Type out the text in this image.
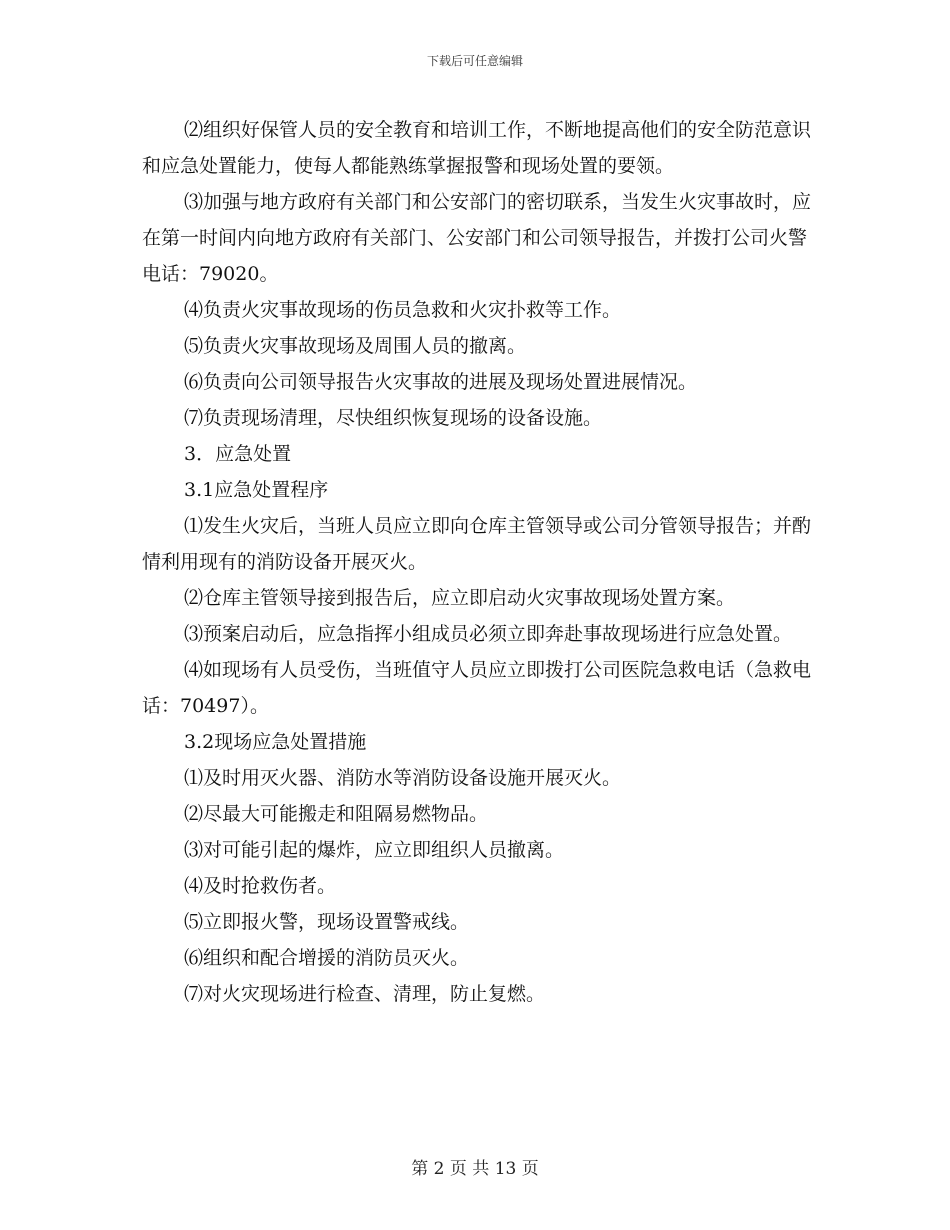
下载后可任意编辑

⑵组织好保管人员的安全教育和培训工作，不断地提高他们的安全防范意识和应急处置能力，使每人都能熟练掌握报警和现场处置的要领。

⑶加强与地方政府有关部门和公安部门的密切联系，当发生火灾事故时，应在第一时间内向地方政府有关部门、公安部门和公司领导报告，并拨打公司火警电话：79020。

⑷负责火灾事故现场的伤员急救和火灾扑救等工作。

⑸负责火灾事故现场及周围人员的撤离。

⑹负责向公司领导报告火灾事故的进展及现场处置进展情况。

⑺负责现场清理，尽快组织恢复现场的设备设施。

3．应急处置

3.1应急处置程序

⑴发生火灾后，当班人员应立即向仓库主管领导或公司分管领导报告；并酌情利用现有的消防设备开展灭火。

⑵仓库主管领导接到报告后，应立即启动火灾事故现场处置方案。

⑶预案启动后，应急指挥小组成员必须立即奔赴事故现场进行应急处置。

⑷如现场有人员受伤，当班值守人员应立即拨打公司医院急救电话（急救电话：70497）。

3.2现场应急处置措施

⑴及时用灭火器、消防水等消防设备设施开展灭火。

⑵尽最大可能搬走和阻隔易燃物品。

⑶对可能引起的爆炸，应立即组织人员撤离。

⑷及时抢救伤者。

⑸立即报火警，现场设置警戒线。

⑹组织和配合增援的消防员灭火。

⑺对火灾现场进行检查、清理，防止复燃。

第 2 页 共 13 页
